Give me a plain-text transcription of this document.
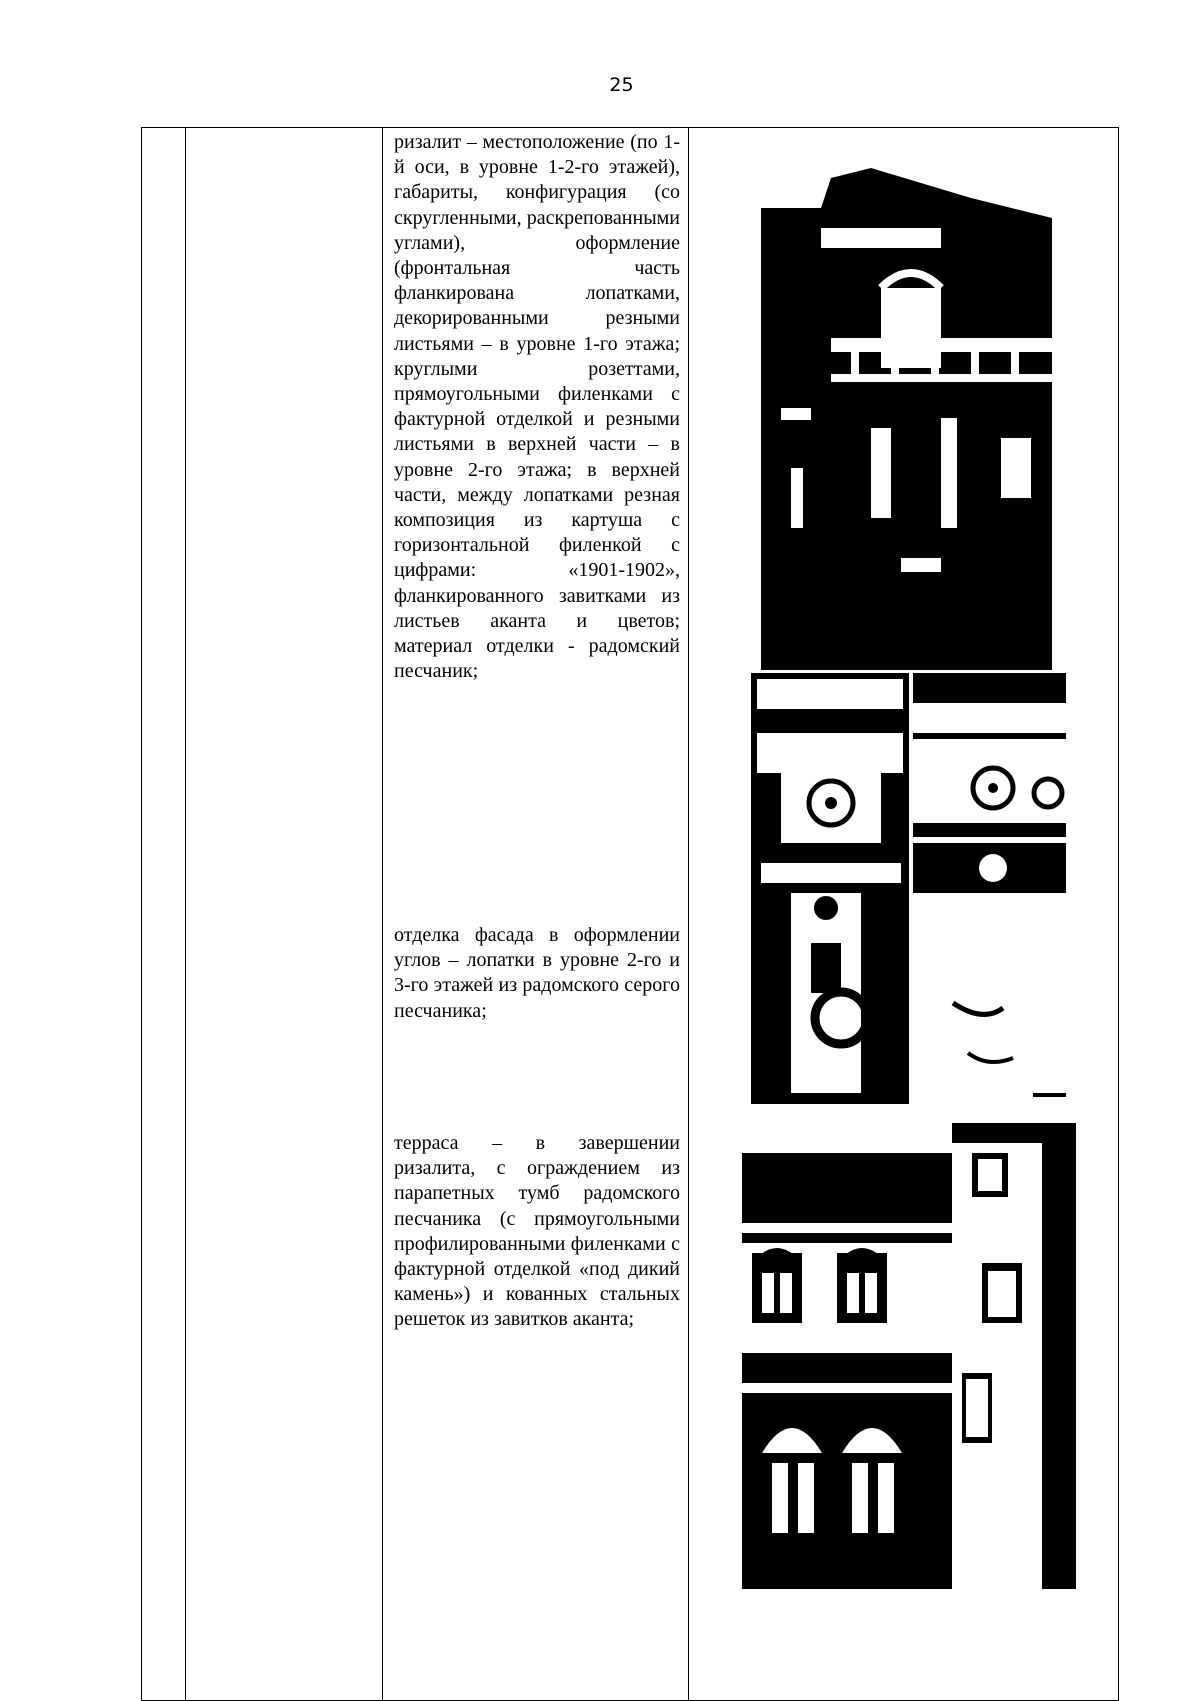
25

ризалит – местоположение (по 1-й оси, в уровне 1-2-го этажей), габариты, конфигурация (со скругленными, раскрепованными углами), оформление (фронтальная часть фланкирована лопатками, декорированными резными листьями – в уровне 1-го этажа; круглыми розеттами, прямоугольными филенками с фактурной отделкой и резными листьями в верхней части – в уровне 2-го этажа; в верхней части, между лопатками резная композиция из картуша с горизонтальной филенкой с цифрами: «1901-1902», фланкированного завитками из листьев аканта и цветов; материал отделки - радомский песчаник;

отделка фасада в оформлении углов – лопатки в уровне 2-го и 3-го этажей из радомского серого песчаника;

терраса – в завершении ризалита, с ограждением из парапетных тумб радомского песчаника (с прямоугольными профилированными филенками с фактурной отделкой «под дикий камень») и кованных стальных решеток из завитков аканта;
